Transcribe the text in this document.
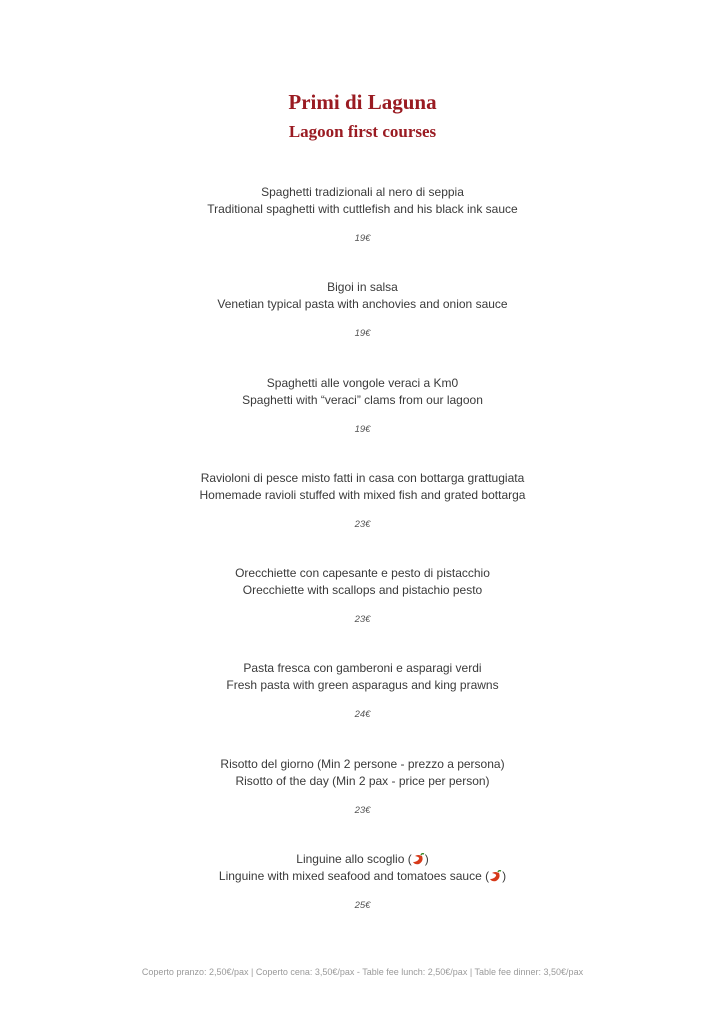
Primi di Laguna
Lagoon first courses
Spaghetti tradizionali al nero di seppia
Traditional spaghetti with cuttlefish and his black ink sauce
19€
Bigoi in salsa
Venetian typical pasta with anchovies and onion sauce
19€
Spaghetti alle vongole veraci a Km0
Spaghetti with “veraci” clams from our lagoon
19€
Ravioloni di pesce misto fatti in casa con bottarga grattugiata
Homemade ravioli stuffed with mixed fish and grated bottarga
23€
Orecchiette con capesante e pesto di pistacchio
Orecchiette with scallops and pistachio pesto
23€
Pasta fresca con gamberoni e asparagi verdi
Fresh pasta with green asparagus and king prawns
24€
Risotto del giorno (Min 2 persone - prezzo a persona)
Risotto of the day (Min 2 pax - price per person)
23€
Linguine allo scoglio ( )
Linguine with mixed seafood and tomatoes sauce ( )
25€
Coperto pranzo: 2,50€/pax | Coperto cena: 3,50€/pax - Table fee lunch: 2,50€/pax | Table fee dinner: 3,50€/pax
